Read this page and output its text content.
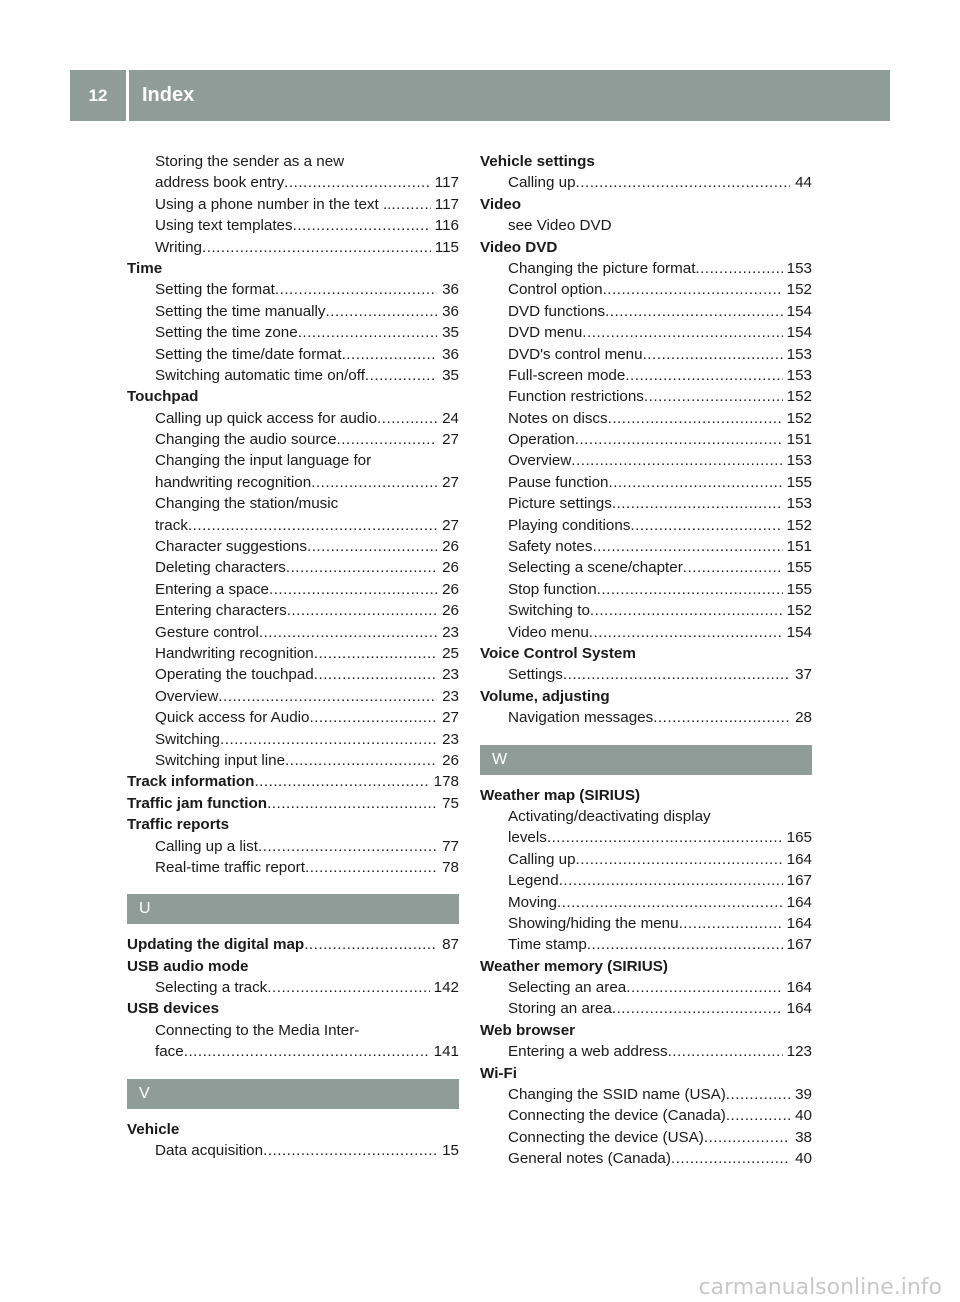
12	Index
Storing the sender as a new
address book entry .....	117
Using a phone number in the text .. .....	117
Using text templates .....	116
Writing .....	115
Time
Setting the format .....	36
Setting the time manually .....	36
Setting the time zone .....	35
Setting the time/date format .....	36
Switching automatic time on/off .....	35
Touchpad
Calling up quick access for audio .....	24
Changing the audio source .....	27
Changing the input language for
handwriting recognition .....	27
Changing the station/music
track .....	27
Character suggestions .....	26
Deleting characters .....	26
Entering a space .....	26
Entering characters .....	26
Gesture control .....	23
Handwriting recognition .....	25
Operating the touchpad .....	23
Overview .....	23
Quick access for Audio .....	27
Switching .....	23
Switching input line .....	26
Track information .....	178
Traffic jam function .....	75
Traffic reports
Calling up a list .....	77
Real-time traffic report .....	78
U
Updating the digital map .....	87
USB audio mode
Selecting a track .....	142
USB devices
Connecting to the Media Inter-
face .....	141
V
Vehicle
Data acquisition .....	15
Vehicle settings
Calling up .....	44
Video
see Video DVD
Video DVD
Changing the picture format .....	153
Control option .....	152
DVD functions .....	154
DVD menu .....	154
DVD's control menu .....	153
Full-screen mode .....	153
Function restrictions .....	152
Notes on discs .....	152
Operation .....	151
Overview .....	153
Pause function .....	155
Picture settings .....	153
Playing conditions .....	152
Safety notes .....	151
Selecting a scene/chapter .....	155
Stop function .....	155
Switching to .....	152
Video menu .....	154
Voice Control System
Settings .....	37
Volume, adjusting
Navigation messages .....	28
W
Weather map (SIRIUS)
Activating/deactivating display
levels .....	165
Calling up .....	164
Legend .....	167
Moving .....	164
Showing/hiding the menu .....	164
Time stamp .....	167
Weather memory (SIRIUS)
Selecting an area .....	164
Storing an area .....	164
Web browser
Entering a web address .....	123
Wi-Fi
Changing the SSID name (USA) .....	39
Connecting the device (Canada) .....	40
Connecting the device (USA) .....	38
General notes (Canada) .....	40
carmanualsonline.info
